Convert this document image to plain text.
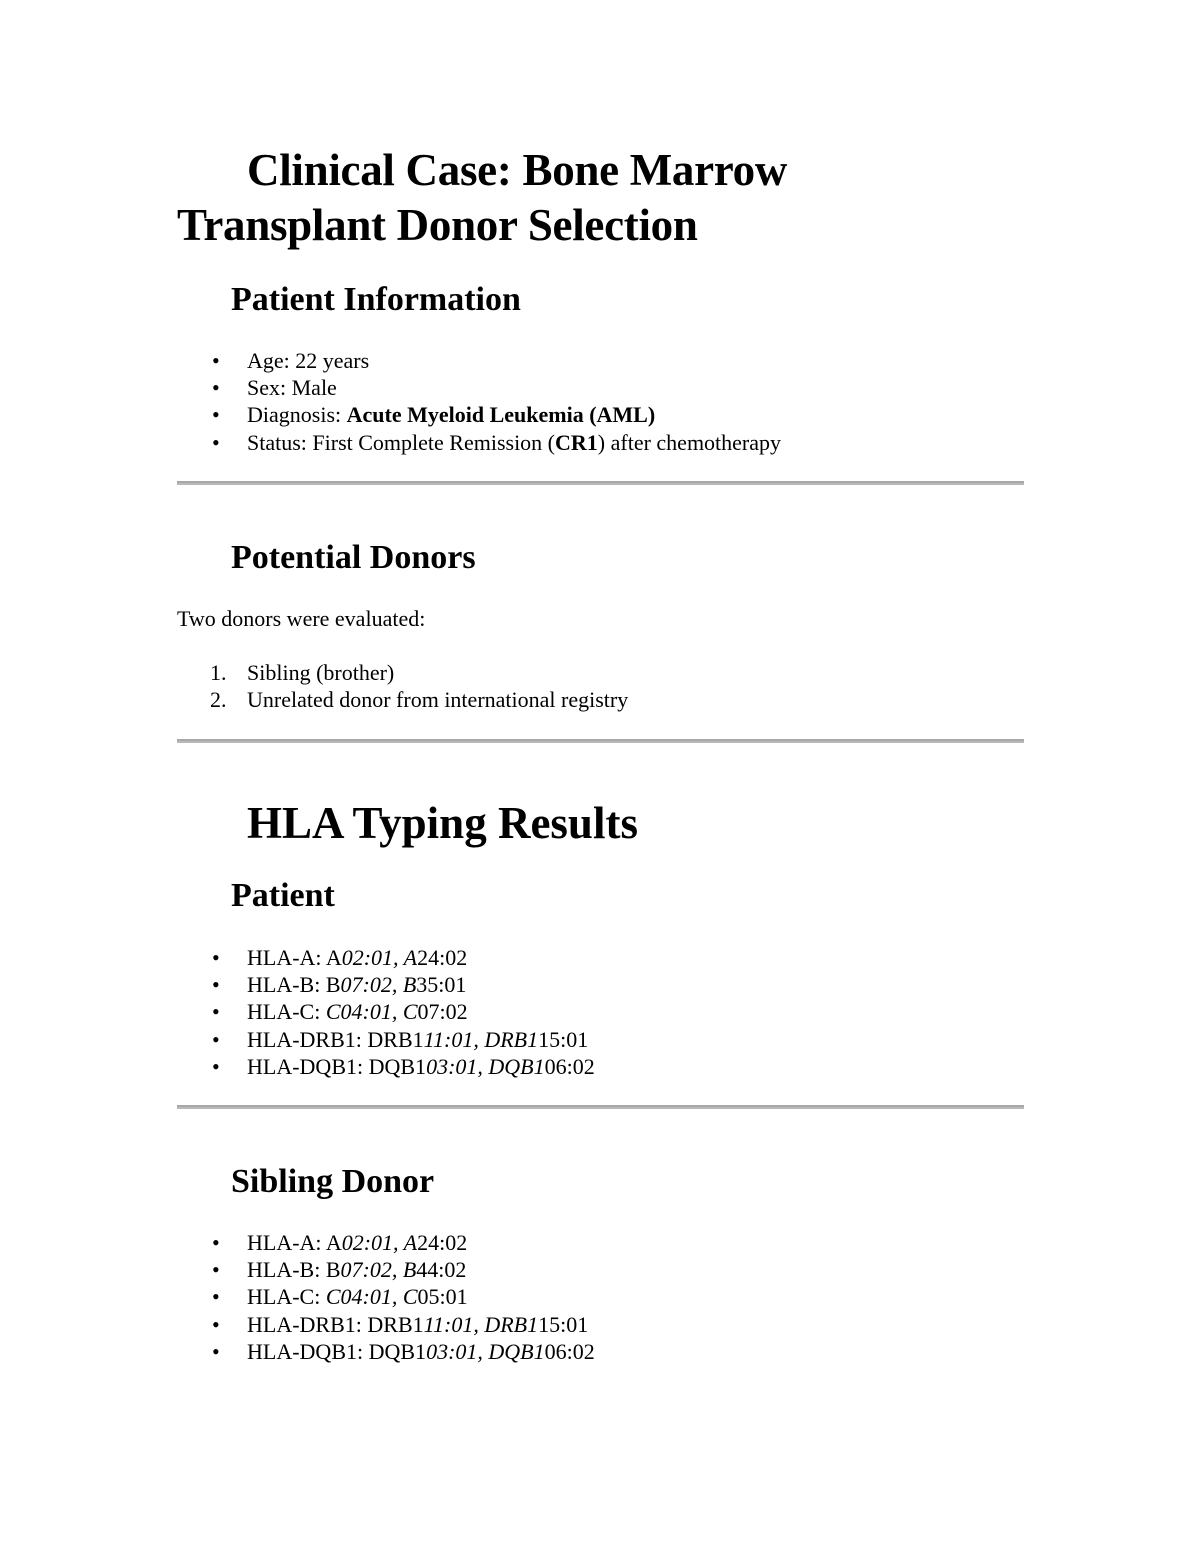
Clinical Case: Bone Marrow Transplant Donor Selection
Patient Information
• Age: 22 years
• Sex: Male
• Diagnosis: Acute Myeloid Leukemia (AML)
• Status: First Complete Remission (CR1) after chemotherapy
Potential Donors

Two donors were evaluated:

1. Sibling (brother)
2. Unrelated donor from international registry
HLA Typing Results
Patient
• HLA-A: A02:01, A24:02
• HLA-B: B07:02, B35:01
• HLA-C: C04:01, C07:02
• HLA-DRB1: DRB111:01, DRB115:01
• HLA-DQB1: DQB103:01, DQB106:02
Sibling Donor
• HLA-A: A02:01, A24:02
• HLA-B: B07:02, B44:02
• HLA-C: C04:01, C05:01
• HLA-DRB1: DRB111:01, DRB115:01
• HLA-DQB1: DQB103:01, DQB106:02
